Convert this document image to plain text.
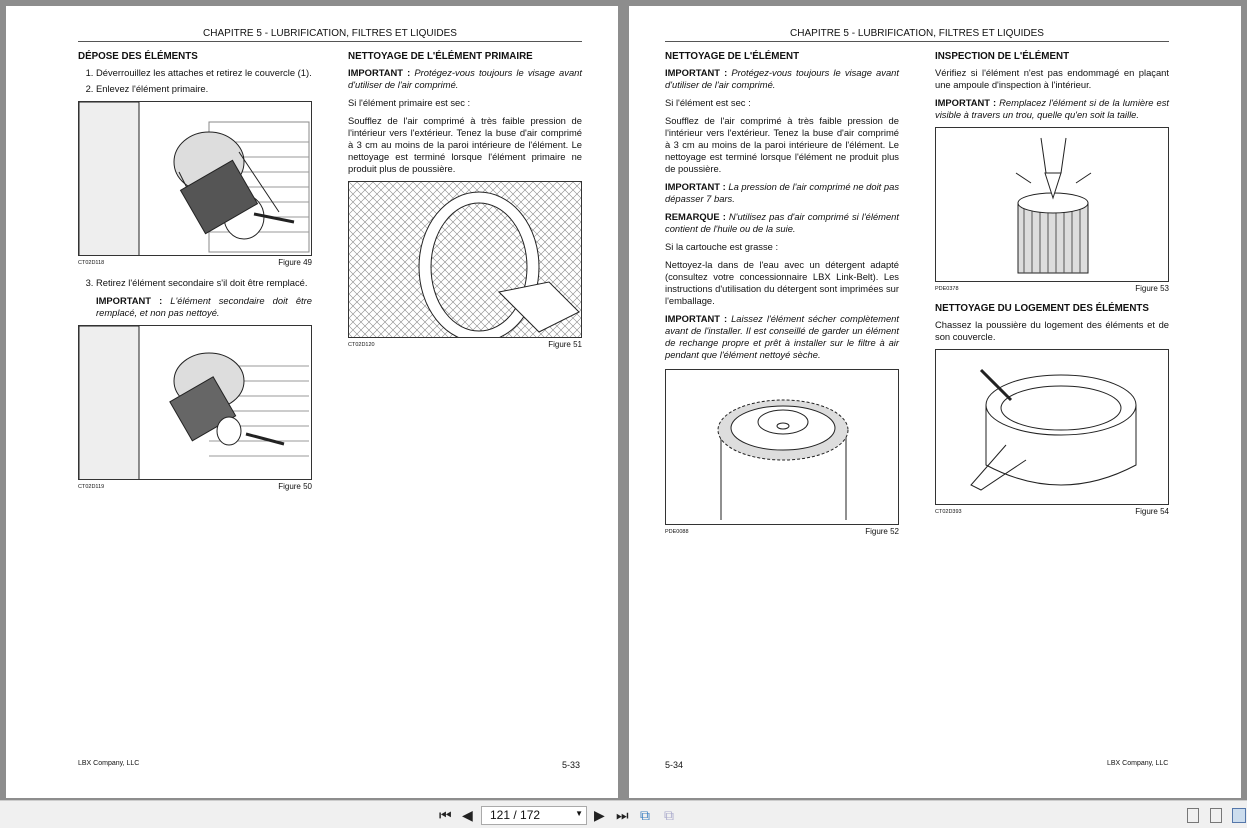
CHAPITRE 5 - LUBRIFICATION, FILTRES ET LIQUIDES
DÉPOSE DES ÉLÉMENTS
1. Déverrouillez les attaches et retirez le couvercle (1).
2. Enlevez l'élément primaire.
CT02D118	Figure 49
3. Retirez l'élément secondaire s'il doit être remplacé.

IMPORTANT : L'élément secondaire doit être remplacé, et non pas nettoyé.

CT02D119	Figure 50
NETTOYAGE DE L'ÉLÉMENT PRIMAIRE

IMPORTANT : Protégez-vous toujours le visage avant d'utiliser de l'air comprimé.

Si l'élément primaire est sec :

Soufflez de l'air comprimé à très faible pression de l'intérieur vers l'extérieur. Tenez la buse d'air comprimé à 3 cm au moins de la paroi intérieure de l'élément. Le nettoyage est terminé lorsque l'élément primaire ne produit plus de poussière.

CT02D120	Figure 51
LBX Company, LLC	5-33
CHAPITRE 5 - LUBRIFICATION, FILTRES ET LIQUIDES
NETTOYAGE DE L'ÉLÉMENT

IMPORTANT : Protégez-vous toujours le visage avant d'utiliser de l'air comprimé.

Si l'élément est sec :

Soufflez de l'air comprimé à très faible pression de l'intérieur vers l'extérieur. Tenez la buse d'air comprimé à 3 cm au moins de la paroi intérieure de l'élément. Le nettoyage est terminé lorsque l'élément ne produit plus de poussière.

IMPORTANT : La pression de l'air comprimé ne doit pas dépasser 7 bars.

REMARQUE : N'utilisez pas d'air comprimé si l'élément contient de l'huile ou de la suie.

Si la cartouche est grasse :

Nettoyez-la dans de l'eau avec un détergent adapté (consultez votre concessionnaire LBX Link-Belt). Les instructions d'utilisation du détergent sont imprimées sur l'emballage.

IMPORTANT : Laissez l'élément sécher complètement avant de l'installer. Il est conseillé de garder un élément de rechange propre et prêt à installer sur le filtre à air pendant que l'élément nettoyé sèche.

PDE0088	Figure 52
INSPECTION DE L'ÉLÉMENT

Vérifiez si l'élément n'est pas endommagé en plaçant une ampoule d'inspection à l'intérieur.

IMPORTANT : Remplacez l'élément si de la lumière est visible à travers un trou, quelle qu'en soit la taille.

PDE0378	Figure 53
NETTOYAGE DU LOGEMENT DES ÉLÉMENTS

Chassez la poussière du logement des éléments et de son couvercle.

CT02D393	Figure 54
5-34	LBX Company, LLC
⏮ ◀	121 / 172	▼ ▶ ⏭ ⧉ ⧉
